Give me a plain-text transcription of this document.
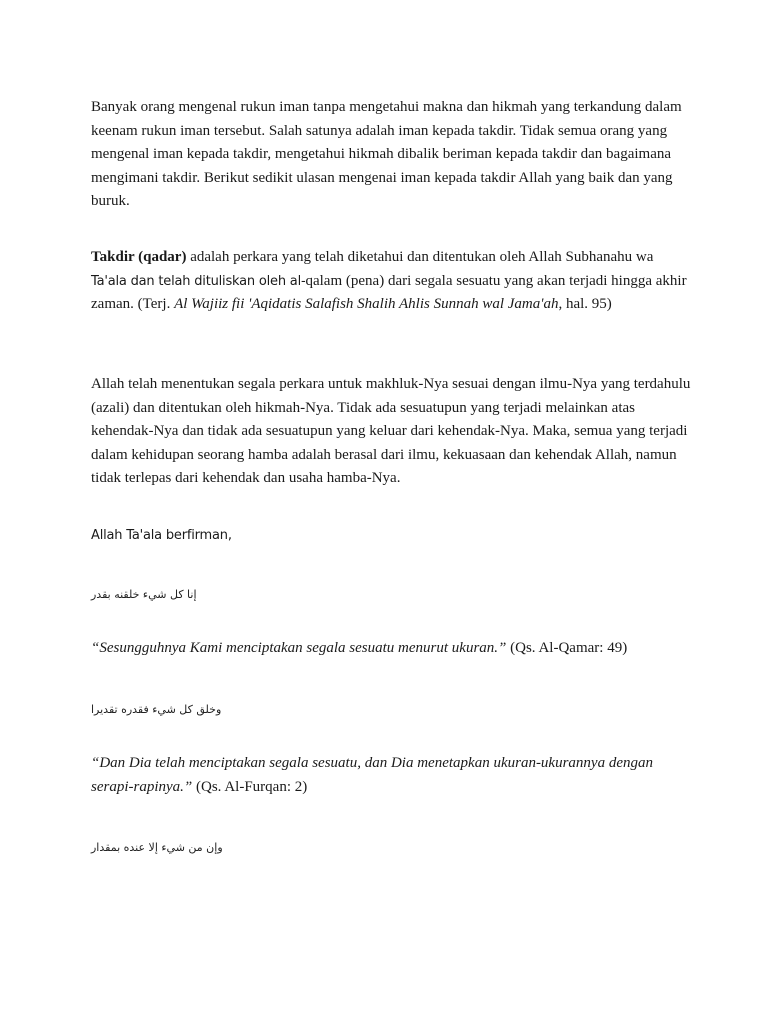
Banyak orang mengenal rukun iman tanpa mengetahui makna dan hikmah yang terkandung dalam keenam rukun iman tersebut. Salah satunya adalah iman kepada takdir. Tidak semua orang yang mengenal iman kepada takdir, mengetahui hikmah dibalik beriman kepada takdir dan bagaimana mengimani takdir. Berikut sedikit ulasan mengenai iman kepada takdir Allah yang baik dan yang buruk.

Takdir (qadar) adalah perkara yang telah diketahui dan ditentukan oleh Allah Subhanahu wa Ta'ala dan telah dituliskan oleh al-qalam (pena) dari segala sesuatu yang akan terjadi hingga akhir zaman. (Terj. Al Wajiiz fii 'Aqidatis Salafish Shalih Ahlis Sunnah wal Jama'ah, hal. 95)

Allah telah menentukan segala perkara untuk makhluk-Nya sesuai dengan ilmu-Nya yang terdahulu (azali) dan ditentukan oleh hikmah-Nya. Tidak ada sesuatupun yang terjadi melainkan atas kehendak-Nya dan tidak ada sesuatupun yang keluar dari kehendak-Nya. Maka, semua yang terjadi dalam kehidupan seorang hamba adalah berasal dari ilmu, kekuasaan dan kehendak Allah, namun tidak terlepas dari kehendak dan usaha hamba-Nya.

Allah Ta'ala berfirman,

إنا كل شيء خلقنه بقدر

“Sesungguhnya Kami menciptakan segala sesuatu menurut ukuran.” (Qs. Al-Qamar: 49)

وخلق كل شيء فقدره تقديرا

“Dan Dia telah menciptakan segala sesuatu, dan Dia menetapkan ukuran-ukurannya dengan serapi-rapinya.” (Qs. Al-Furqan: 2)

وإن من شيء إلا عنده بمقدار
